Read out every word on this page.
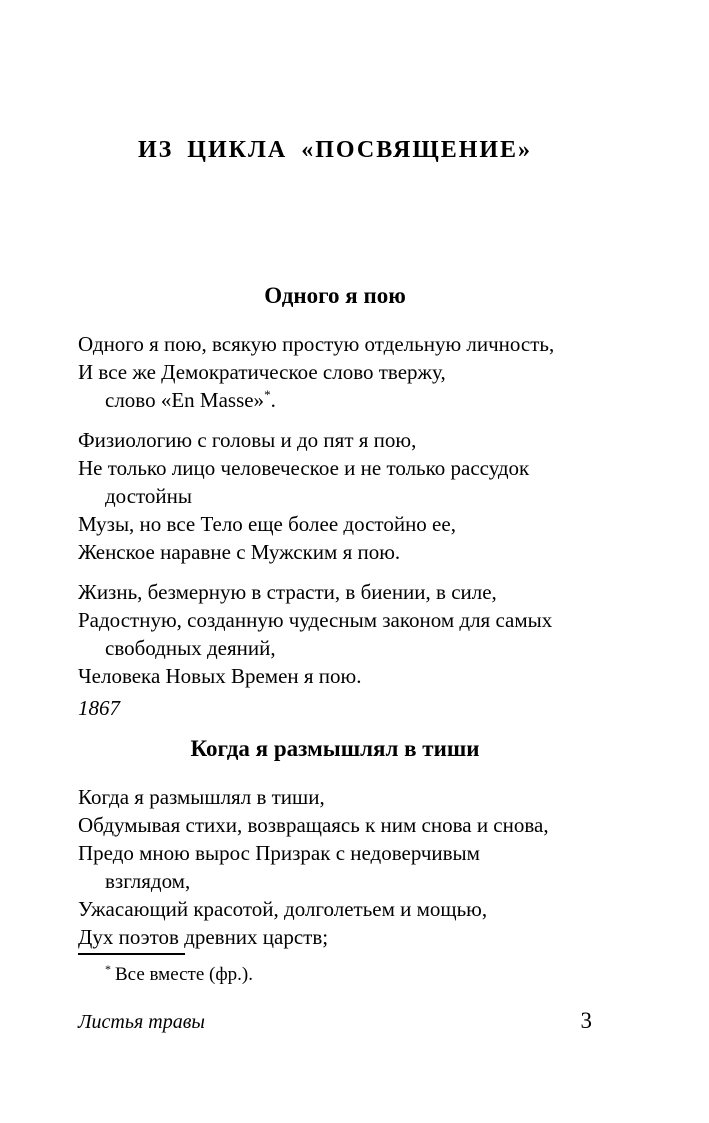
ИЗ ЦИКЛА «ПОСВЯЩЕНИЕ»
Одного я пою
Одного я пою, всякую простую отдельную личность,
И все же Демократическое слово твержу,
слово «En Masse»*.
Физиологию с головы и до пят я пою,
Не только лицо человеческое и не только рассудок
достойны
Музы, но все Тело еще более достойно ее,
Женское наравне с Мужским я пою.
Жизнь, безмерную в страсти, в биении, в силе,
Радостную, созданную чудесным законом для самых
свободных деяний,
Человека Новых Времен я пою.
1867
Когда я размышлял в тиши
Когда я размышлял в тиши,
Обдумывая стихи, возвращаясь к ним снова и снова,
Предо мною вырос Призрак с недоверчивым
взглядом,
Ужасающий красотой, долголетьем и мощью,
Дух поэтов древних царств;

* Все вместе (фр.).

Листья травы	3
